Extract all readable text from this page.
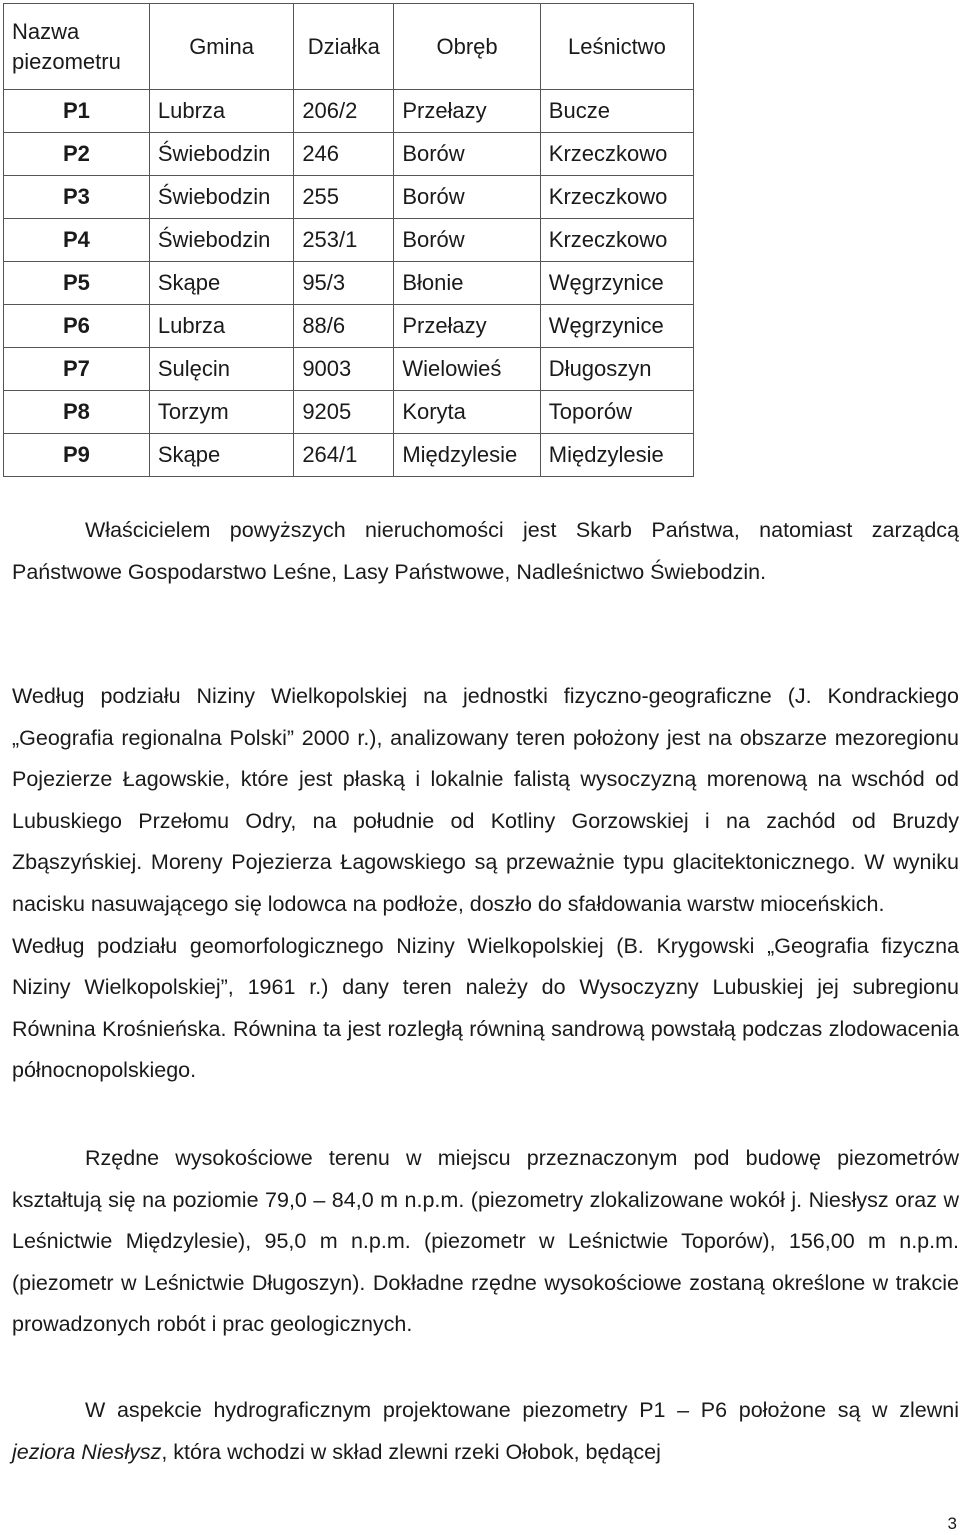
Nazwa piezometru	Gmina	Działka	Obręb	Leśnictwo
P1	Lubrza	206/2	Przełazy	Bucze
P2	Świebodzin	246	Borów	Krzeczkowo
P3	Świebodzin	255	Borów	Krzeczkowo
P4	Świebodzin	253/1	Borów	Krzeczkowo
P5	Skąpe	95/3	Błonie	Węgrzynice
P6	Lubrza	88/6	Przełazy	Węgrzynice
P7	Sulęcin	9003	Wielowieś	Długoszyn
P8	Torzym	9205	Koryta	Toporów
P9	Skąpe	264/1	Międzylesie	Międzylesie

Właścicielem powyższych nieruchomości jest Skarb Państwa, natomiast zarządcą Państwowe Gospodarstwo Leśne, Lasy Państwowe, Nadleśnictwo Świebodzin.

Według podziału Niziny Wielkopolskiej na jednostki fizyczno-geograficzne (J. Kondrackiego „Geografia regionalna Polski” 2000 r.), analizowany teren położony jest na obszarze mezoregionu Pojezierze Łagowskie, które jest płaską i lokalnie falistą wysoczyzną morenową na wschód od Lubuskiego Przełomu Odry, na południe od Kotliny Gorzowskiej i na zachód od Bruzdy Zbąszyńskiej. Moreny Pojezierza Łagowskiego są przeważnie typu glacitektonicznego. W wyniku nacisku nasuwającego się lodowca na podłoże, doszło do sfałdowania warstw mioceńskich.

Według podziału geomorfologicznego Niziny Wielkopolskiej (B. Krygowski „Geografia fizyczna Niziny Wielkopolskiej”, 1961 r.) dany teren należy do Wysoczyzny Lubuskiej jej subregionu Równina Krośnieńska. Równina ta jest rozległą równiną sandrową powstałą podczas zlodowacenia północnopolskiego.

Rzędne wysokościowe terenu w miejscu przeznaczonym pod budowę piezometrów kształtują się na poziomie 79,0 – 84,0 m n.p.m. (piezometry zlokalizowane wokół j. Niesłysz oraz w Leśnictwie Międzylesie), 95,0 m n.p.m. (piezometr w Leśnictwie Toporów), 156,00 m n.p.m. (piezometr w Leśnictwie Długoszyn). Dokładne rzędne wysokościowe zostaną określone w trakcie prowadzonych robót i prac geologicznych.

W aspekcie hydrograficznym projektowane piezometry P1 – P6 położone są w zlewni jeziora Niesłysz, która wchodzi w skład zlewni rzeki Ołobok, będącej

3
